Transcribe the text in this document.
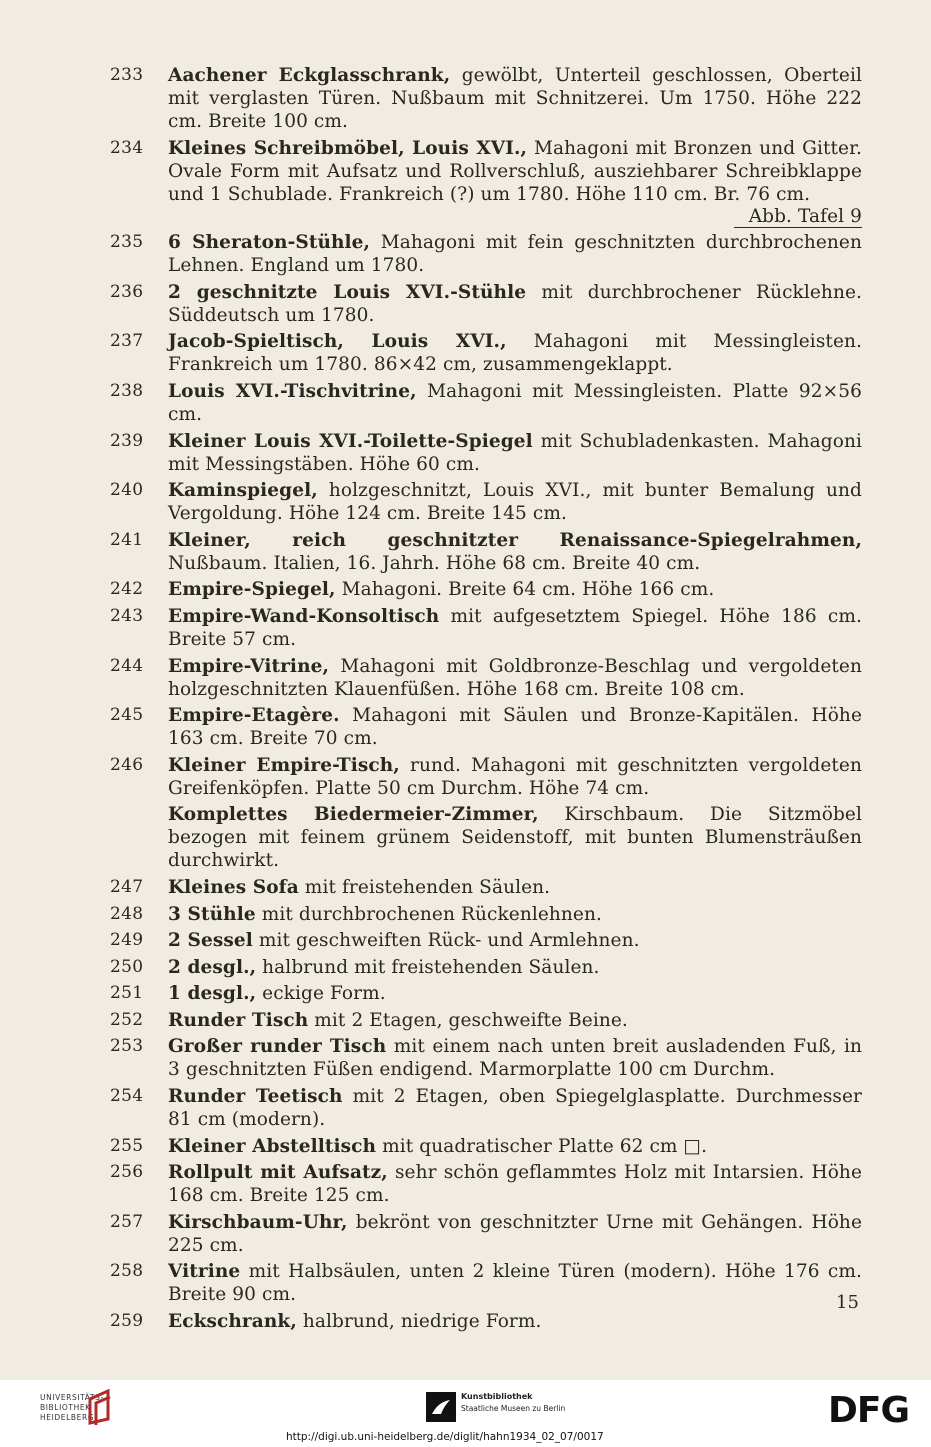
233	Aachener Eckglasschrank, gewölbt, Unterteil geschlossen, Oberteil mit verglasten Türen. Nußbaum mit Schnitzerei. Um 1750. Höhe 222 cm. Breite 100 cm.
234	Kleines Schreibmöbel, Louis XVI., Mahagoni mit Bronzen und Gitter. Ovale Form mit Aufsatz und Rollverschluß, ausziehbarer Schreibklappe und 1 Schublade. Frankreich (?) um 1780. Höhe 110 cm. Br. 76 cm.
Abb. Tafel 9
235	6 Sheraton-Stühle, Mahagoni mit fein geschnitzten durchbrochenen Lehnen. England um 1780.
236	2 geschnitzte Louis XVI.-Stühle mit durchbrochener Rücklehne. Süddeutsch um 1780.
237	Jacob-Spieltisch, Louis XVI., Mahagoni mit Messingleisten. Frankreich um 1780. 86×42 cm, zusammengeklappt.
238	Louis XVI.-Tischvitrine, Mahagoni mit Messingleisten. Platte 92×56 cm.
239	Kleiner Louis XVI.-Toilette-Spiegel mit Schubladenkasten. Mahagoni mit Messingstäben. Höhe 60 cm.
240	Kaminspiegel, holzgeschnitzt, Louis XVI., mit bunter Bemalung und Vergoldung. Höhe 124 cm. Breite 145 cm.
241	Kleiner, reich geschnitzter Renaissance-Spiegelrahmen, Nußbaum. Italien, 16. Jahrh. Höhe 68 cm. Breite 40 cm.
242	Empire-Spiegel, Mahagoni. Breite 64 cm. Höhe 166 cm.
243	Empire-Wand-Konsoltisch mit aufgesetztem Spiegel. Höhe 186 cm. Breite 57 cm.
244	Empire-Vitrine, Mahagoni mit Goldbronze-Beschlag und vergoldeten holzgeschnitzten Klauenfüßen. Höhe 168 cm. Breite 108 cm.
245	Empire-Etagère. Mahagoni mit Säulen und Bronze-Kapitälen. Höhe 163 cm. Breite 70 cm.
246	Kleiner Empire-Tisch, rund. Mahagoni mit geschnitzten vergoldeten Greifenköpfen. Platte 50 cm Durchm. Höhe 74 cm.
Komplettes Biedermeier-Zimmer, Kirschbaum. Die Sitzmöbel bezogen mit feinem grünem Seidenstoff, mit bunten Blumensträußen durchwirkt.
247	Kleines Sofa mit freistehenden Säulen.
248	3 Stühle mit durchbrochenen Rückenlehnen.
249	2 Sessel mit geschweiften Rück- und Armlehnen.
250	2 desgl., halbrund mit freistehenden Säulen.
251	1 desgl., eckige Form.
252	Runder Tisch mit 2 Etagen, geschweifte Beine.
253	Großer runder Tisch mit einem nach unten breit ausladenden Fuß, in 3 geschnitzten Füßen endigend. Marmorplatte 100 cm Durchm.
254	Runder Teetisch mit 2 Etagen, oben Spiegelglasplatte. Durchmesser 81 cm (modern).
255	Kleiner Abstelltisch mit quadratischer Platte 62 cm □.
256	Rollpult mit Aufsatz, sehr schön geflammtes Holz mit Intarsien. Höhe 168 cm. Breite 125 cm.
257	Kirschbaum-Uhr, bekrönt von geschnitzter Urne mit Gehängen. Höhe 225 cm.
258	Vitrine mit Halbsäulen, unten 2 kleine Türen (modern). Höhe 176 cm. Breite 90 cm.
259	Eckschrank, halbrund, niedrige Form.
15
UNIVERSITÄTS-
BIBLIOTHEK
HEIDELBERG
Kunstbibliothek
Staatliche Museen zu Berlin	DFG
http://digi.ub.uni-heidelberg.de/diglit/hahn1934_02_07/0017
